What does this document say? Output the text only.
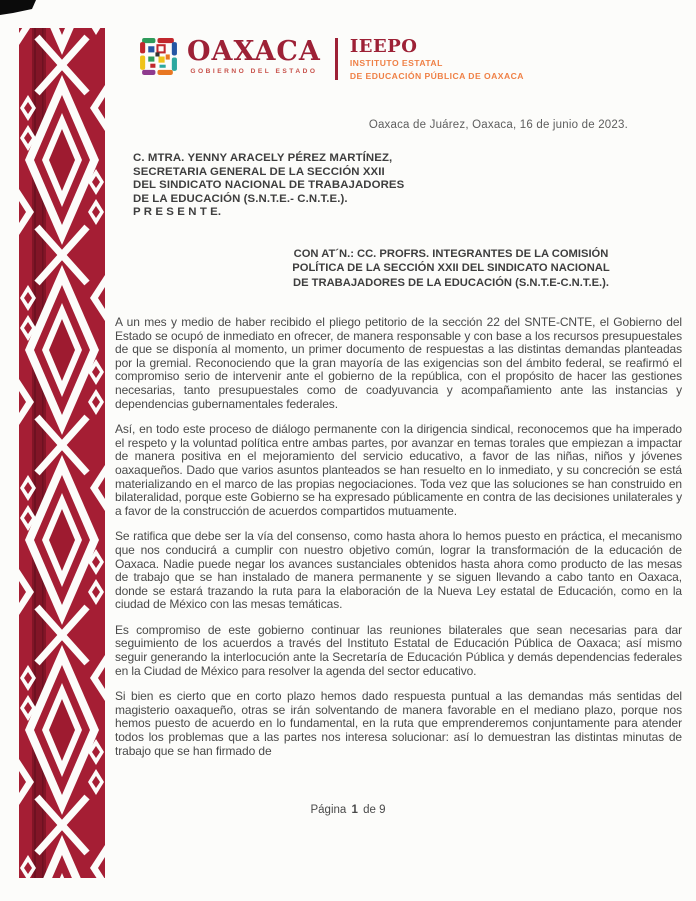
OAXACA
GOBIERNO DEL ESTADO
IEEPO
INSTITUTO ESTATAL
DE EDUCACIÓN PÚBLICA DE OAXACA
Oaxaca de Juárez, Oaxaca, 16 de junio de 2023.
C. MTRA. YENNY ARACELY PÉREZ MARTÍNEZ,
SECRETARIA GENERAL DE LA SECCIÓN XXII
DEL SINDICATO NACIONAL DE TRABAJADORES
DE LA EDUCACIÓN (S.N.T.E.- C.N.T.E.).
P R E S E N T E.
CON AT´N.: CC. PROFRS. INTEGRANTES DE LA COMISIÓN
POLÍTICA DE LA SECCIÓN XXII DEL SINDICATO NACIONAL
DE TRABAJADORES DE LA EDUCACIÓN (S.N.T.E-C.N.T.E.).

A un mes y medio de haber recibido el pliego petitorio de la sección 22 del SNTE-CNTE, el Gobierno del Estado se ocupó de inmediato en ofrecer, de manera responsable y con base a los recursos presupuestales de que se disponía al momento, un primer documento de respuestas a las distintas demandas planteadas por la gremial. Reconociendo que la gran mayoría de las exigencias son del ámbito federal, se reafirmó el compromiso serio de intervenir ante el gobierno de la república, con el propósito de hacer las gestiones necesarias, tanto presupuestales como de coadyuvancia y acompañamiento ante las instancias y dependencias gubernamentales federales.

Así, en todo este proceso de diálogo permanente con la dirigencia sindical, reconocemos que ha imperado el respeto y la voluntad política entre ambas partes, por avanzar en temas torales que empiezan a impactar de manera positiva en el mejoramiento del servicio educativo, a favor de las niñas, niños y jóvenes oaxaqueños. Dado que varios asuntos planteados se han resuelto en lo inmediato, y su concreción se está materializando en el marco de las propias negociaciones. Toda vez que las soluciones se han construido en bilateralidad, porque este Gobierno se ha expresado públicamente en contra de las decisiones unilaterales y a favor de la construcción de acuerdos compartidos mutuamente.

Se ratifica que debe ser la vía del consenso, como hasta ahora lo hemos puesto en práctica, el mecanismo que nos conducirá a cumplir con nuestro objetivo común, lograr la transformación de la educación de Oaxaca. Nadie puede negar los avances sustanciales obtenidos hasta ahora como producto de las mesas de trabajo que se han instalado de manera permanente y se siguen llevando a cabo tanto en Oaxaca, donde se estará trazando la ruta para la elaboración de la Nueva Ley estatal de Educación, como en la ciudad de México con las mesas temáticas.

Es compromiso de este gobierno continuar las reuniones bilaterales que sean necesarias para dar seguimiento de los acuerdos a través del Instituto Estatal de Educación Pública de Oaxaca; así mismo seguir generando la interlocución ante la Secretaría de Educación Pública y demás dependencias federales en la Ciudad de México para resolver la agenda del sector educativo.

Si bien es cierto que en corto plazo hemos dado respuesta puntual a las demandas más sentidas del magisterio oaxaqueño, otras se irán solventando de manera favorable en el mediano plazo, porque nos hemos puesto de acuerdo en lo fundamental, en la ruta que emprenderemos conjuntamente para atender todos los problemas que a las partes nos interesa solucionar: así lo demuestran las distintas minutas de trabajo que se han firmado de

Página 1 de 9
